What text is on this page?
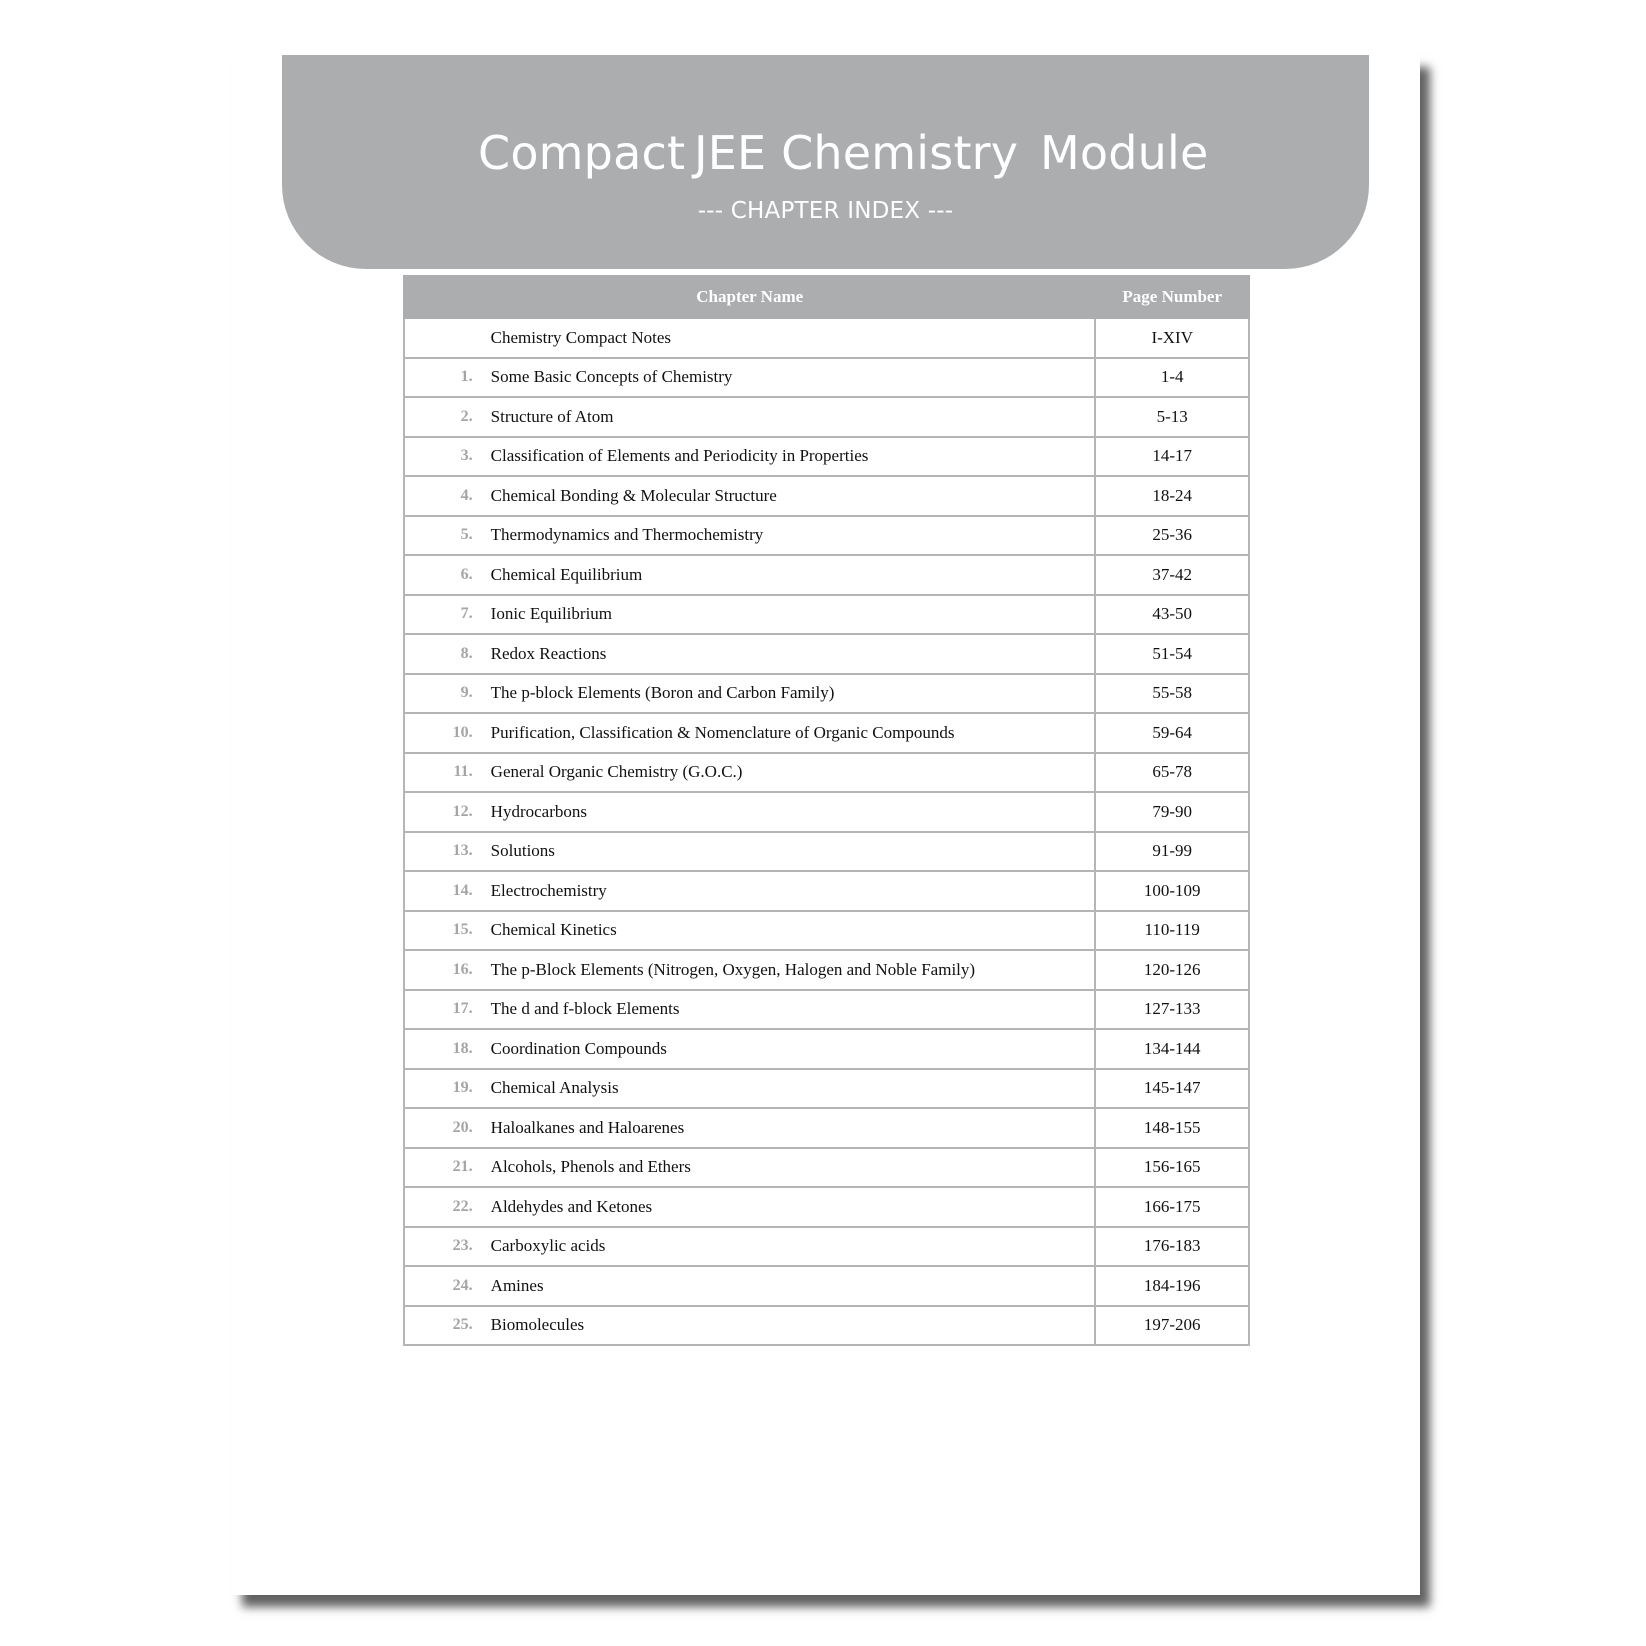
Compact JEE Chemistry Module
--- CHAPTER INDEX ---
Chapter Name		Page Number
	Chemistry Compact Notes	I-XIV
1.	Some Basic Concepts of Chemistry	1-4
2.	Structure of Atom	5-13
3.	Classification of Elements and Periodicity in Properties	14-17
4.	Chemical Bonding & Molecular Structure	18-24
5.	Thermodynamics and Thermochemistry	25-36
6.	Chemical Equilibrium	37-42
7.	Ionic Equilibrium	43-50
8.	Redox Reactions	51-54
9.	The p-block Elements (Boron and Carbon Family)	55-58
10.	Purification, Classification & Nomenclature of Organic Compounds	59-64
11.	General Organic Chemistry (G.O.C.)	65-78
12.	Hydrocarbons	79-90
13.	Solutions	91-99
14.	Electrochemistry	100-109
15.	Chemical Kinetics	110-119
16.	The p-Block Elements (Nitrogen, Oxygen, Halogen and Noble Family)	120-126
17.	The d and f-block Elements	127-133
18.	Coordination Compounds	134-144
19.	Chemical Analysis	145-147
20.	Haloalkanes and Haloarenes	148-155
21.	Alcohols, Phenols and Ethers	156-165
22.	Aldehydes and Ketones	166-175
23.	Carboxylic acids	176-183
24.	Amines	184-196
25.	Biomolecules	197-206
